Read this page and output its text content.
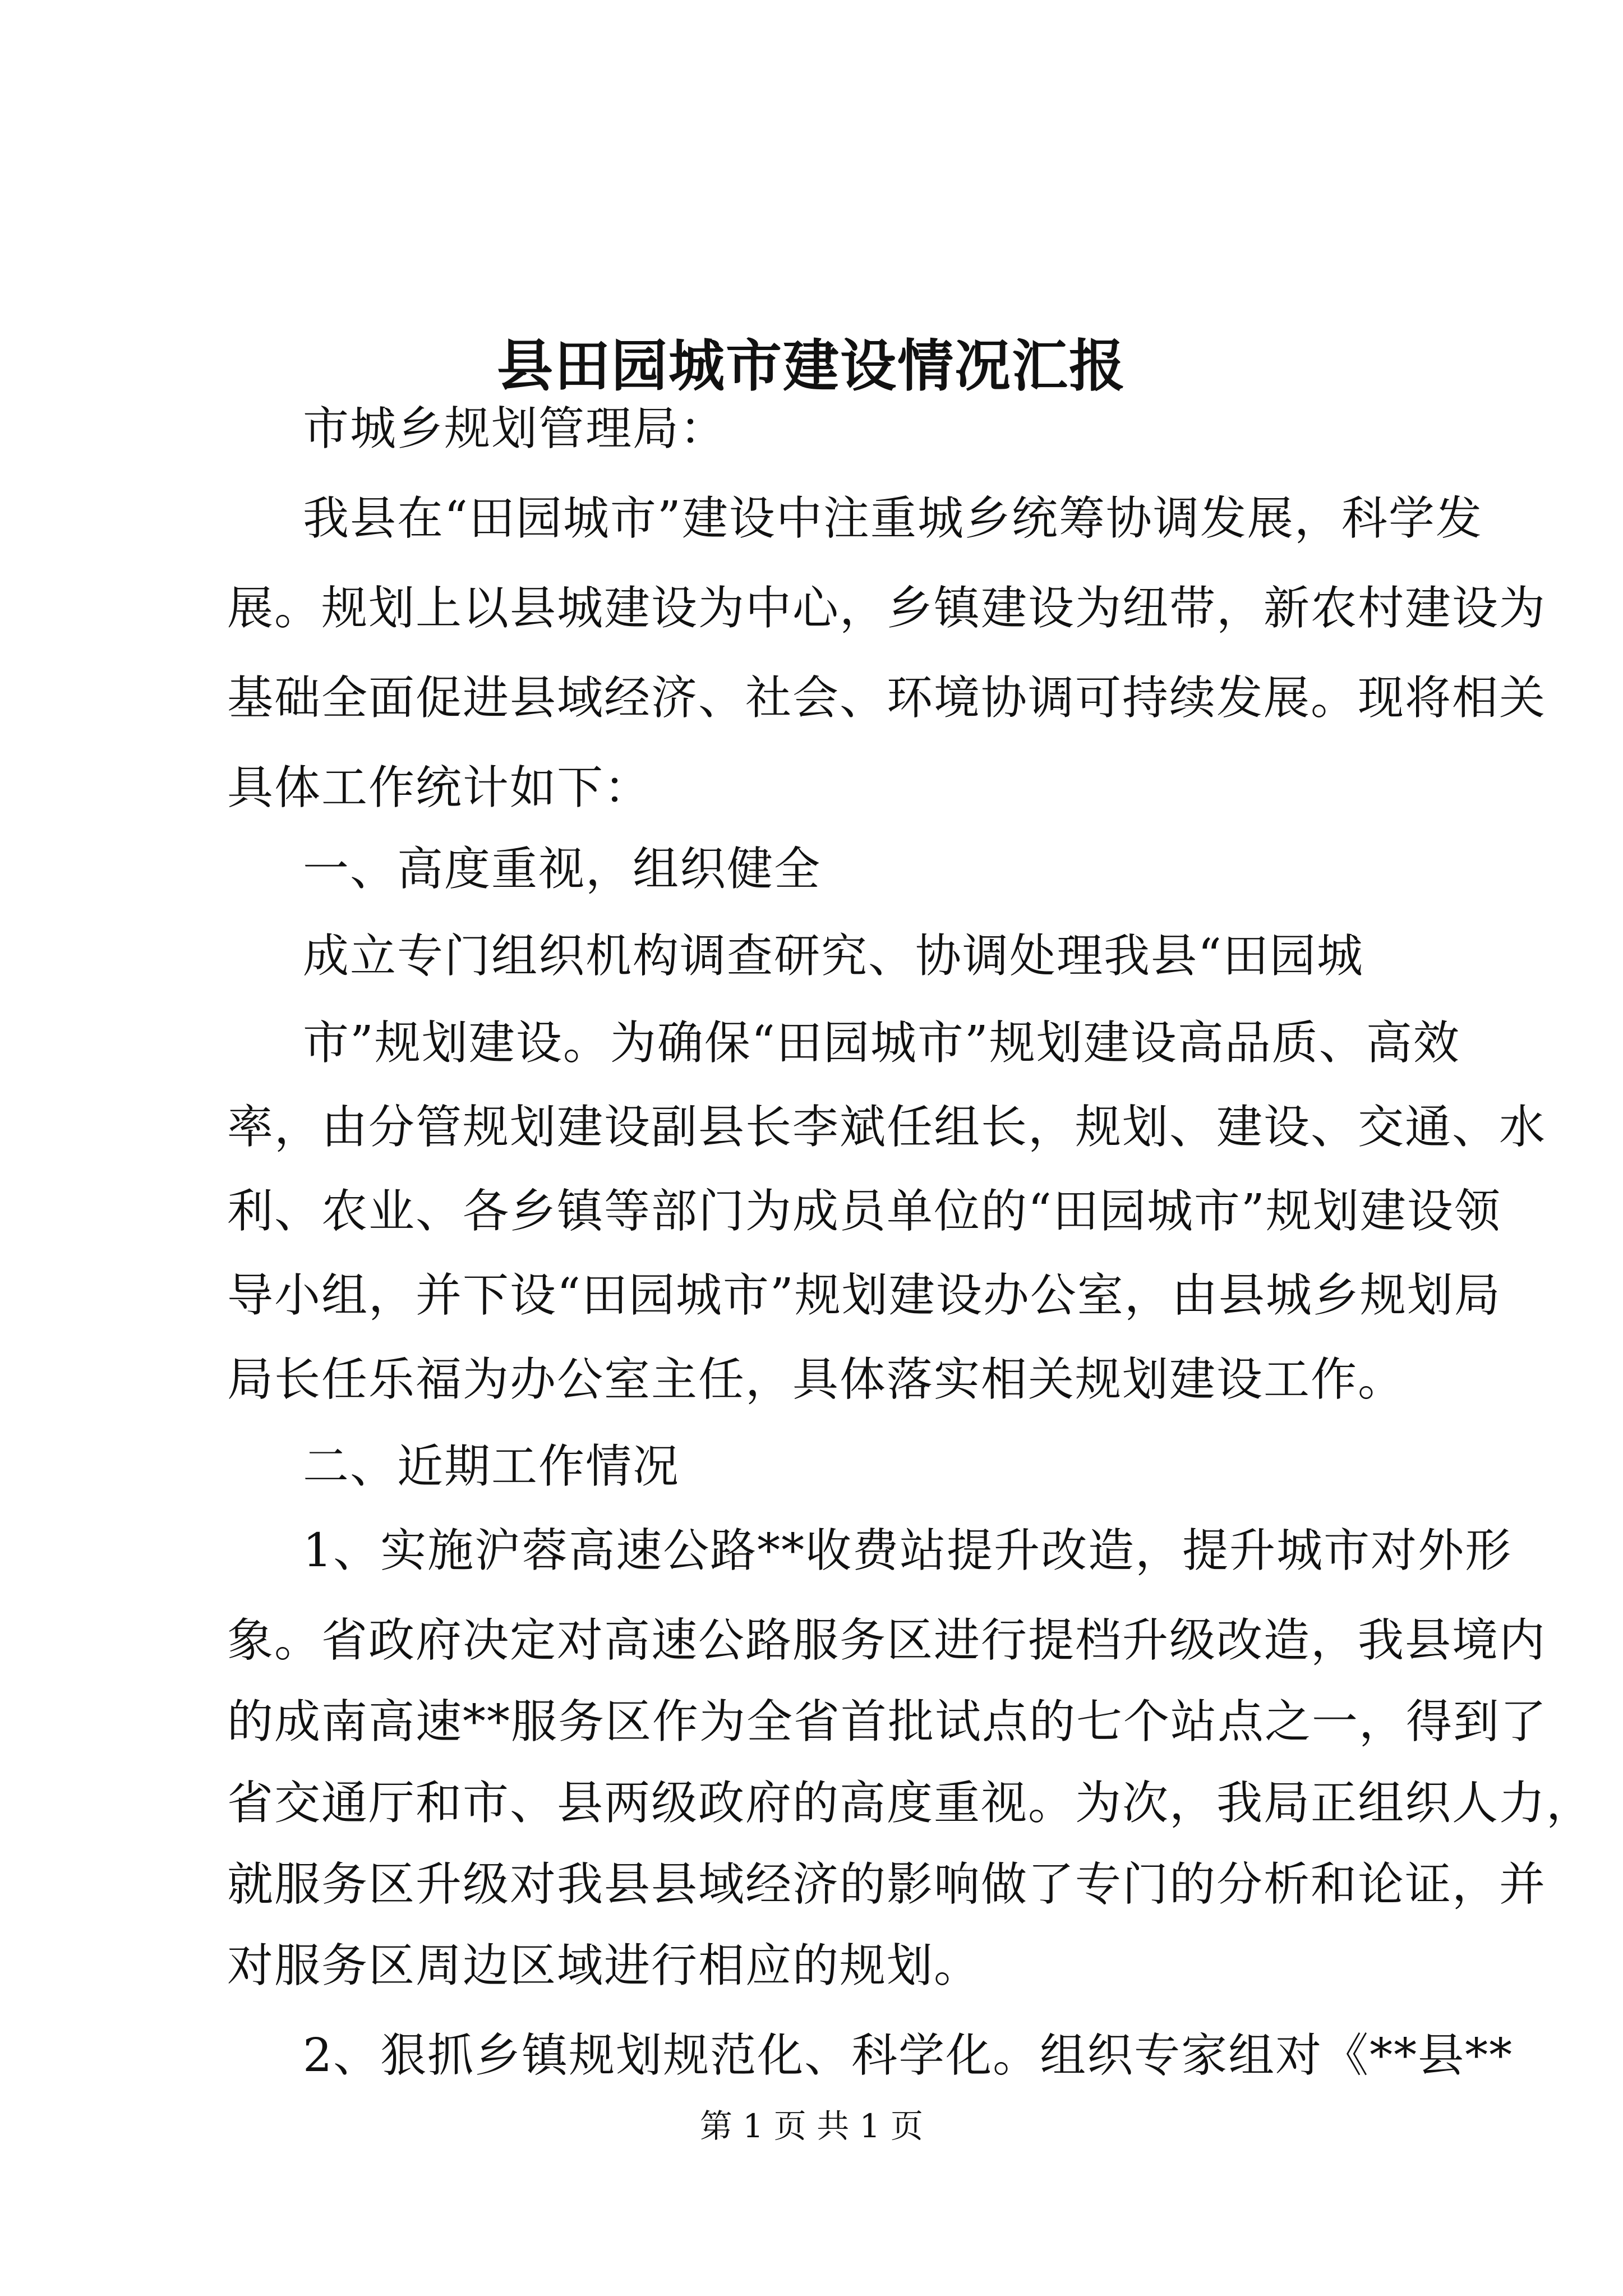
县田园城市建设情况汇报

市城乡规划管理局：

我县在“田园城市”建设中注重城乡统筹协调发展，科学发

展。规划上以县城建设为中心，乡镇建设为纽带，新农村建设为

基础全面促进县域经济、社会、环境协调可持续发展。现将相关

具体工作统计如下：

一、高度重视，组织健全

成立专门组织机构调查研究、协调处理我县“田园城

市”规划建设。为确保“田园城市”规划建设高品质、高效

率，由分管规划建设副县长李斌任组长，规划、建设、交通、水

利、农业、各乡镇等部门为成员单位的“田园城市”规划建设领

导小组，并下设“田园城市”规划建设办公室，由县城乡规划局

局长任乐福为办公室主任，具体落实相关规划建设工作。

二、近期工作情况

1、实施沪蓉高速公路**收费站提升改造，提升城市对外形

象。省政府决定对高速公路服务区进行提档升级改造，我县境内

的成南高速**服务区作为全省首批试点的七个站点之一，得到了

省交通厅和市、县两级政府的高度重视。为次，我局正组织人力，

就服务区升级对我县县域经济的影响做了专门的分析和论证，并

对服务区周边区域进行相应的规划。

2、狠抓乡镇规划规范化、科学化。组织专家组对《**县**

第 1 页 共 1 页
